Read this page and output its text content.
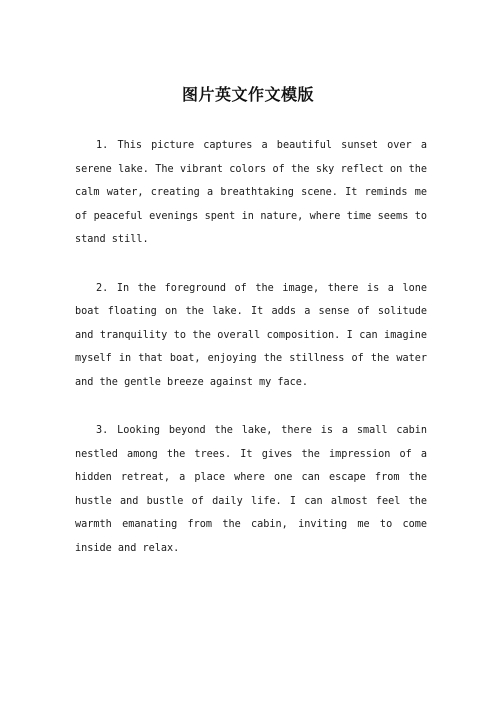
图片英文作文模版

1. This picture captures a beautiful sunset over a serene lake. The vibrant colors of the sky reflect on the calm water, creating a breathtaking scene. It reminds me of peaceful evenings spent in nature, where time seems to stand still.

2. In the foreground of the image, there is a lone boat floating on the lake. It adds a sense of solitude and tranquility to the overall composition. I can imagine myself in that boat, enjoying the stillness of the water and the gentle breeze against my face.

3. Looking beyond the lake, there is a small cabin nestled among the trees. It gives the impression of a hidden retreat, a place where one can escape from the hustle and bustle of daily life. I can almost feel the warmth emanating from the cabin, inviting me to come inside and relax.
